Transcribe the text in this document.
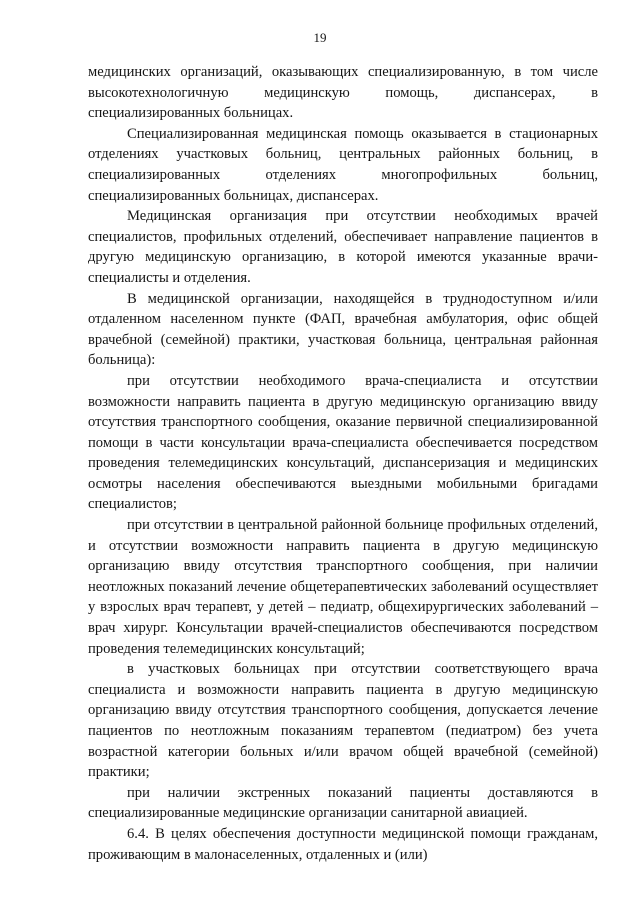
19

медицинских организаций, оказывающих специализированную, в том числе высокотехнологичную медицинскую помощь, диспансерах, в специализированных больницах.

Специализированная медицинская помощь оказывается в стационарных отделениях участковых больниц, центральных районных больниц, в специализированных отделениях многопрофильных больниц, специализированных больницах, диспансерах.

Медицинская организация при отсутствии необходимых врачей специалистов, профильных отделений, обеспечивает направление пациентов в другую медицинскую организацию, в которой имеются указанные врачи-специалисты и отделения.

В медицинской организации, находящейся в труднодоступном и/или отдаленном населенном пункте (ФАП, врачебная амбулатория, офис общей врачебной (семейной) практики, участковая больница, центральная районная больница):

при отсутствии необходимого врача-специалиста и отсутствии возможности направить пациента в другую медицинскую организацию ввиду отсутствия транспортного сообщения, оказание первичной специализированной помощи в части консультации врача-специалиста обеспечивается посредством проведения телемедицинских консультаций, диспансеризация и медицинских осмотры населения обеспечиваются выездными мобильными бригадами специалистов;

при отсутствии в центральной районной больнице профильных отделений, и отсутствии возможности направить пациента в другую медицинскую организацию ввиду отсутствия транспортного сообщения, при наличии неотложных показаний лечение общетерапевтических заболеваний осуществляет у взрослых врач терапевт, у детей – педиатр, общехирургических заболеваний – врач хирург. Консультации врачей-специалистов обеспечиваются посредством проведения телемедицинских консультаций;

в участковых больницах при отсутствии соответствующего врача специалиста и возможности направить пациента в другую медицинскую организацию ввиду отсутствия транспортного сообщения, допускается лечение пациентов по неотложным показаниям терапевтом (педиатром) без учета возрастной категории больных и/или врачом общей врачебной (семейной) практики;

при наличии экстренных показаний пациенты доставляются в специализированные медицинские организации санитарной авиацией.

6.4. В целях обеспечения доступности медицинской помощи гражданам, проживающим в малонаселенных, отдаленных и (или)
